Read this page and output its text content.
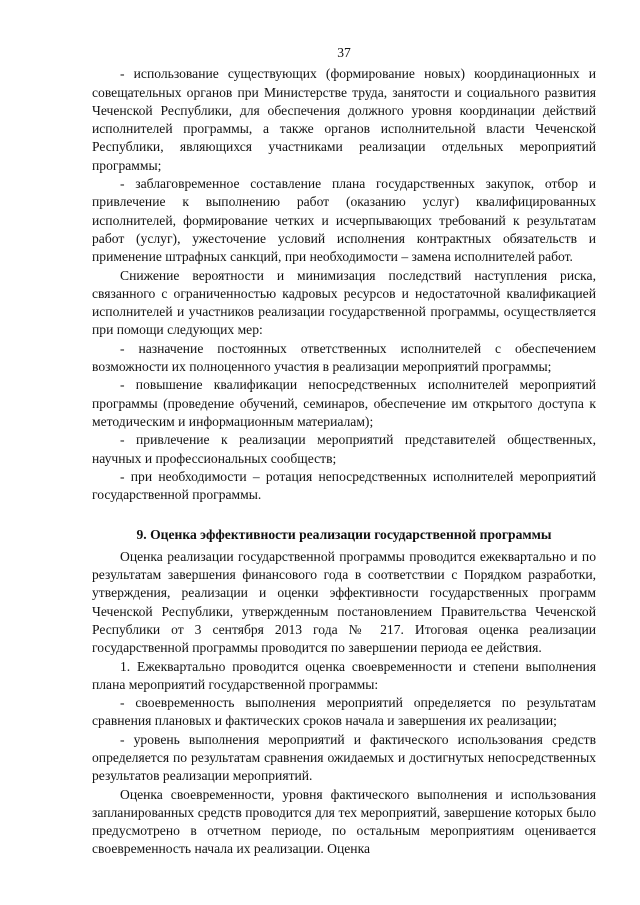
37

- использование существующих (формирование новых) координационных и совещательных органов при Министерстве труда, занятости и социального развития Чеченской Республики, для обеспечения должного уровня координации действий исполнителей программы, а также органов исполнительной власти Чеченской Республики, являющихся участниками реализации отдельных мероприятий программы;

- заблаговременное составление плана государственных закупок, отбор и привлечение к выполнению работ (оказанию услуг) квалифицированных исполнителей, формирование четких и исчерпывающих требований к результатам работ (услуг), ужесточение условий исполнения контрактных обязательств и применение штрафных санкций, при необходимости – замена исполнителей работ.

Снижение вероятности и минимизация последствий наступления риска, связанного с ограниченностью кадровых ресурсов и недостаточной квалификацией исполнителей и участников реализации государственной программы, осуществляется при помощи следующих мер:

- назначение постоянных ответственных исполнителей с обеспечением возможности их полноценного участия в реализации мероприятий программы;

- повышение квалификации непосредственных исполнителей мероприятий программы (проведение обучений, семинаров, обеспечение им открытого доступа к методическим и информационным материалам);

- привлечение к реализации мероприятий представителей общественных, научных и профессиональных сообществ;

- при необходимости – ротация непосредственных исполнителей мероприятий государственной программы.

9. Оценка эффективности реализации государственной программы

Оценка реализации государственной программы проводится ежеквартально и по результатам завершения финансового года в соответствии с Порядком разработки, утверждения, реализации и оценки эффективности государственных программ Чеченской Республики, утвержденным постановлением Правительства Чеченской Республики от 3 сентября 2013 года № 217. Итоговая оценка реализации государственной программы проводится по завершении периода ее действия.

1. Ежеквартально проводится оценка своевременности и степени выполнения плана мероприятий государственной программы:

- своевременность выполнения мероприятий определяется по результатам сравнения плановых и фактических сроков начала и завершения их реализации;

- уровень выполнения мероприятий и фактического использования средств определяется по результатам сравнения ожидаемых и достигнутых непосредственных результатов реализации мероприятий.

Оценка своевременности, уровня фактического выполнения и использования запланированных средств проводится для тех мероприятий, завершение которых было предусмотрено в отчетном периоде, по остальным мероприятиям оценивается своевременность начала их реализации. Оценка
